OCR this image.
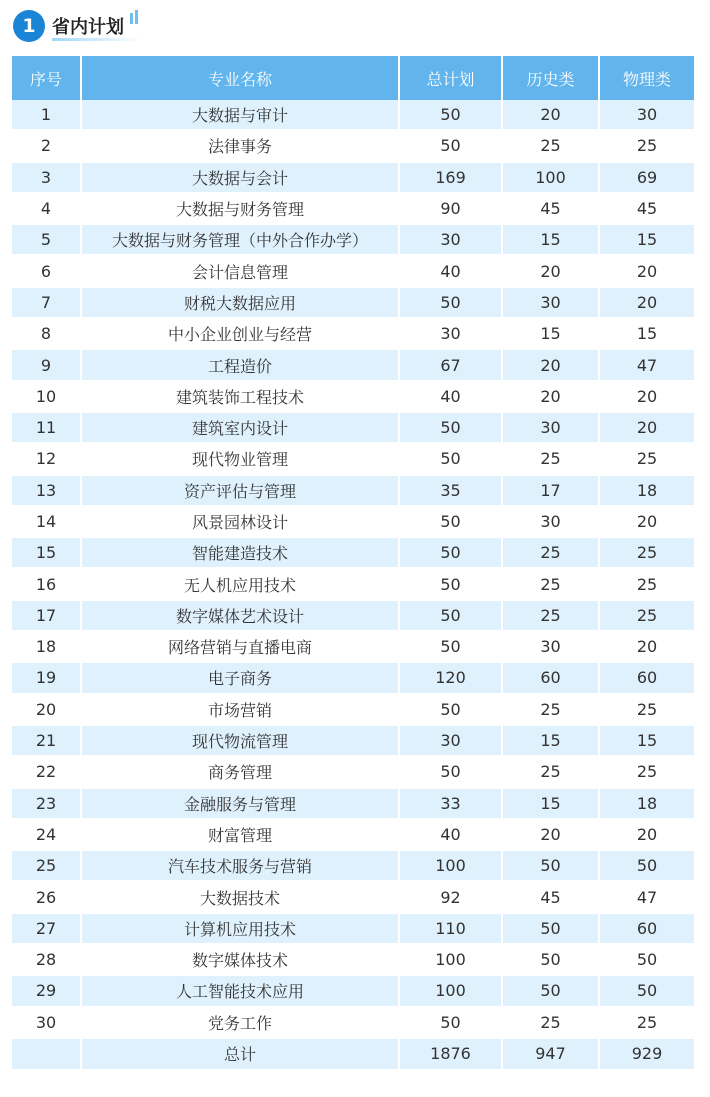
1 省内计划
序号	专业名称	总计划	历史类	物理类
1	大数据与审计	50	20	30
2	法律事务	50	25	25
3	大数据与会计	169	100	69
4	大数据与财务管理	90	45	45
5	大数据与财务管理（中外合作办学）	30	15	15
6	会计信息管理	40	20	20
7	财税大数据应用	50	30	20
8	中小企业创业与经营	30	15	15
9	工程造价	67	20	47
10	建筑装饰工程技术	40	20	20
11	建筑室内设计	50	30	20
12	现代物业管理	50	25	25
13	资产评估与管理	35	17	18
14	风景园林设计	50	30	20
15	智能建造技术	50	25	25
16	无人机应用技术	50	25	25
17	数字媒体艺术设计	50	25	25
18	网络营销与直播电商	50	30	20
19	电子商务	120	60	60
20	市场营销	50	25	25
21	现代物流管理	30	15	15
22	商务管理	50	25	25
23	金融服务与管理	33	15	18
24	财富管理	40	20	20
25	汽车技术服务与营销	100	50	50
26	大数据技术	92	45	47
27	计算机应用技术	110	50	60
28	数字媒体技术	100	50	50
29	人工智能技术应用	100	50	50
30	党务工作	50	25	25
	总计	1876	947	929
